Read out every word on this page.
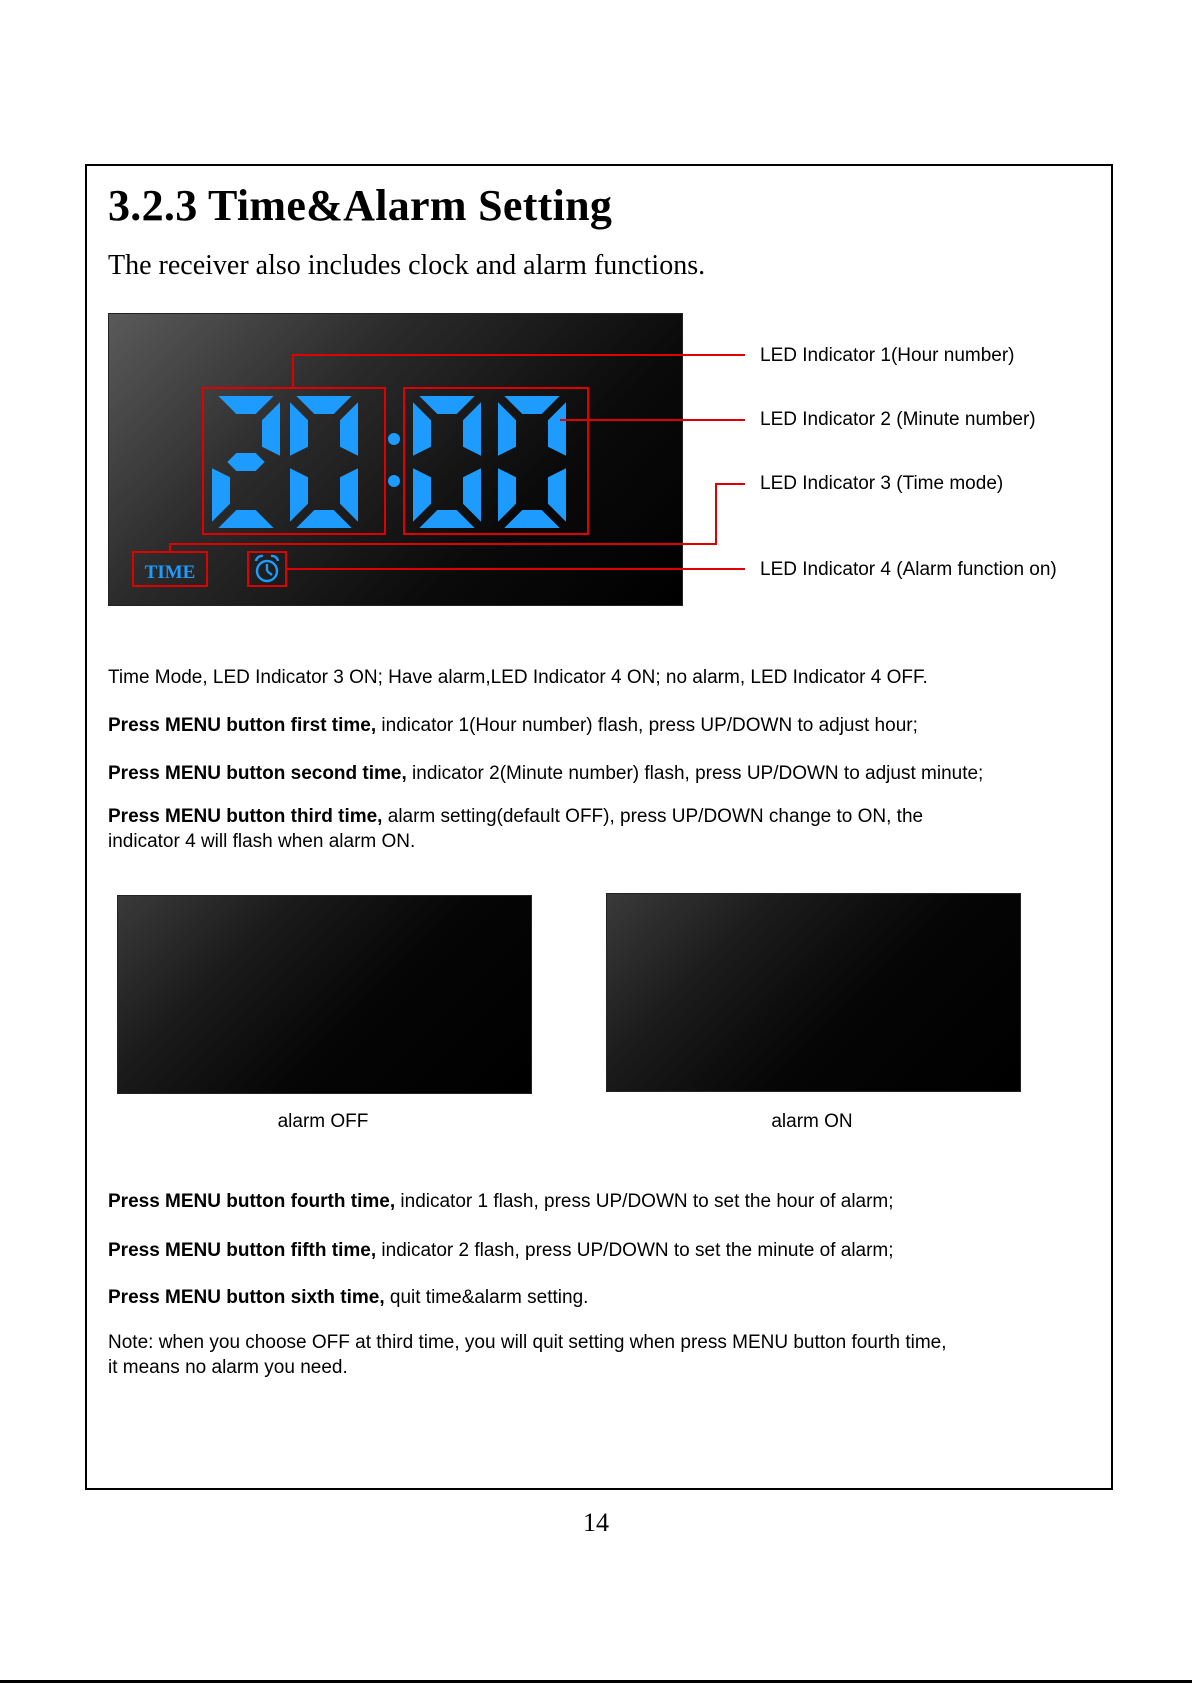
3.2.3 Time&Alarm Setting
The receiver also includes clock and alarm functions.
TIME
LED Indicator 1(Hour number)
LED Indicator 2 (Minute number)
LED Indicator 3 (Time mode)
LED Indicator 4 (Alarm function on)
Time Mode, LED Indicator 3 ON; Have alarm,LED Indicator 4 ON; no alarm, LED Indicator 4 OFF.
Press MENU button first time, indicator 1(Hour number) flash, press UP/DOWN to adjust hour;
Press MENU button second time, indicator 2(Minute number) flash, press UP/DOWN to adjust minute;
Press MENU button third time, alarm setting(default OFF), press UP/DOWN change to ON, the
indicator 4 will flash when alarm ON.
alarm OFF	alarm ON
Press MENU button fourth time, indicator 1 flash, press UP/DOWN to set the hour of alarm;
Press MENU button fifth time, indicator 2 flash, press UP/DOWN to set the minute of alarm;
Press MENU button sixth time, quit time&alarm setting.
Note: when you choose OFF at third time, you will quit setting when press MENU button fourth time,
it means no alarm you need.
14
